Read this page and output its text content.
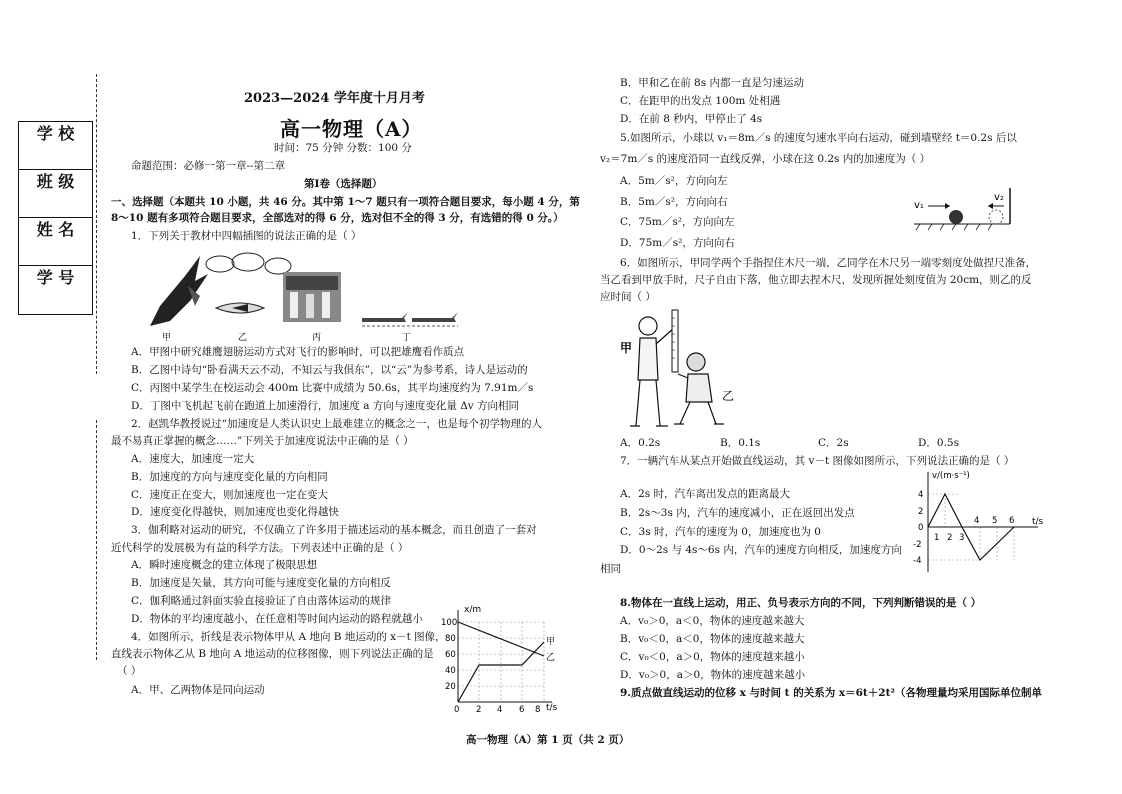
学 校
班 级
姓 名
学 号
2023—2024 学年度十月月考
高一物理（A）
时间：75 分钟 分数：100 分
命题范围：必修一第一章--第二章
第Ⅰ卷（选择题）
一、选择题（本题共 10 小题，共 46 分。其中第 1～7 题只有一项符合题目要求，每小题 4 分，第
8～10 题有多项符合题目要求，全部选对的得 6 分，选对但不全的得 3 分，有选错的得 0 分。）
1．下列关于教材中四幅插图的说法正确的是（ ）
甲	乙	丙	丁
A．甲图中研究雄鹰翅膀运动方式对飞行的影响时，可以把雄鹰看作质点
B．乙图中诗句“卧看满天云不动，不知云与我俱东”，以“云”为参考系，诗人是运动的
C．丙图中某学生在校运动会 400m 比赛中成绩为 50.6s，其平均速度约为 7.91m／s
D．丁图中飞机起飞前在跑道上加速滑行，加速度 a 方向与速度变化量 Δv 方向相同
2．赵凯华教授说过“加速度是人类认识史上最难建立的概念之一，也是每个初学物理的人
最不易真正掌握的概念……”下列关于加速度说法中正确的是（ ）
A．速度大，加速度一定大
B．加速度的方向与速度变化量的方向相同
C．速度正在变大，则加速度也一定在变大
D．速度变化得越快，则加速度也变化得越快
3．伽利略对运动的研究，不仅确立了许多用于描述运动的基本概念，而且创造了一套对
近代科学的发展极为有益的科学方法。下列表述中正确的是（ ）
A．瞬时速度概念的建立体现了极限思想
B．加速度是矢量，其方向可能与速度变化量的方向相反
C．伽利略通过斜面实验直接验证了自由落体运动的规律
D．物体的平均速度越小，在任意相等时间内运动的路程就越小
4．如图所示，折线是表示物体甲从 A 地向 B 地运动的 x－t 图像，
直线表示物体乙从 B 地向 A 地运动的位移图像，则下列说法正确的是
（ ）
A．甲、乙两物体是同向运动
x/m
t/s
100
80
60
40
20
0 2 4 6 8
甲
乙
B．甲和乙在前 8s 内都一直是匀速运动
C．在距甲的出发点 100m 处相遇
D．在前 8 秒内，甲停止了 4s
5.如图所示，小球以 v₁＝8m／s 的速度匀速水平向右运动，碰到墙壁经 t＝0.2s 后以
v₂＝7m／s 的速度沿同一直线反弹，小球在这 0.2s 内的加速度为（ ）
A．5m／s²，方向向左
B．5m／s²，方向向右
C．75m／s²，方向向左
D．75m／s²，方向向右
v₁
v₂
6．如图所示，甲同学两个手指捏住木尺一端，乙同学在木尺另一端零刻度处做捏尺准备，
当乙看到甲放手时，尺子自由下落，他立即去捏木尺，发现所握处刻度值为 20cm，则乙的反
应时间（ ）
甲
乙
A．0.2s	B．0.1s	C．2s	D．0.5s
7．一辆汽车从某点开始做直线运动，其 v－t 图像如图所示，下列说法正确的是（ ）
A．2s 时，汽车离出发点的距离最大
B．2s～3s 内，汽车的速度减小，正在返回出发点
C．3s 时，汽车的速度为 0，加速度也为 0
D．0～2s 与 4s～6s 内，汽车的速度方向相反，加速度方向
相同
v/(m·s⁻¹)
t/s
4
2
0
-2
-4
1 2 3
4 5 6
8.物体在一直线上运动，用正、负号表示方向的不同，下列判断错误的是（ ）
A．v₀＞0，a＜0，物体的速度越来越大
B．v₀＜0，a＜0，物体的速度越来越大
C．v₀＜0，a＞0，物体的速度越来越小
D．v₀＞0，a＞0，物体的速度越来越小
9.质点做直线运动的位移 x 与时间 t 的关系为 x＝6t＋2t²（各物理量均采用国际单位制单
高一物理（A）第 1 页（共 2 页）
